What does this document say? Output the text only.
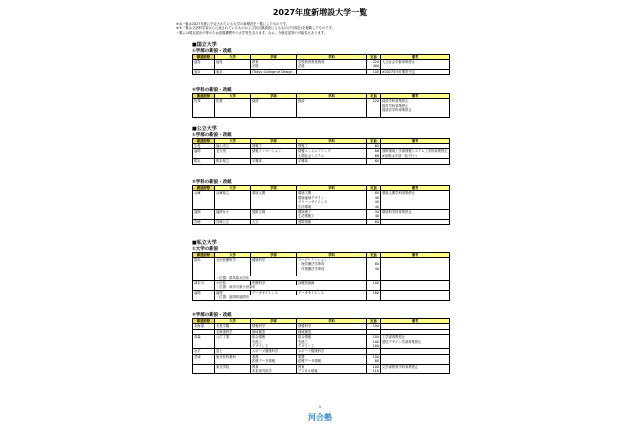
2027年度新増設大学一覧
※本一覧は2027年度に予定されている大学の新増設を一覧にしたものです。
※本一覧は文部科学省から公表されているものおよび河合塾調査によるもの(7月現在)を掲載したものです。
一覧には現在届出中等のため設置構想中の大学等を含みます。なお、今後変更等の可能性もあります。
■国立大学
①学部の新設・改組
都道府県	大学	学部	学科	定員	備考
福島	福島	教育	学校教育教員養成	220	人文社会学群募集停止
		法経	法経	400	
東京	東京	(Tokyo College of Design		100	※2027年9月開設予定
②学科の新設・改組
都道府県	大学	学部	学科	定員	備考
佐賀	佐賀	経済	経済	220	経済学科募集停止
					経営学科募集停止
					経済法学科募集停止

■公立大学
①学部の新設・改組
都道府県	大学	学部	学科	定員	備考
広島	福山市立	情報工	情報工	60	
福岡	北九州	情報イノベーション	情報エンジニアリング	68	国際環境工学部情報システム工学科募集停止
			人間社会システム	68	※募集は学部一括で行う
熊本	熊本県立	半導体	半導体	60	
②学科の新設・改組
都道府県	大学	学部	学科	定員	備考
兵庫	兵庫県立	環境人間	環境人間	80	環境人間学科募集停止
			環境地域デザイン	40	
			グリーンサイエンス	40	
			生活環境	40	
福岡	福岡女子	国際文理	環境理工	30	環境科学科募集停止
			生活情報工	40	
宮崎	宮崎公立	人文	国際情報	60	
■私立大学
①大学の新設
都道府県	大学	学部	学科	定員	備考
群馬	太田医療科学	健康科学	リハビリテーション		
			　理学療法学専攻	80	
			　作業療法学専攻	40	

	・位置：群馬県太田市				
神奈川	小田原	医療科学	診療放射線	100	
	・位置：神奈川県小田原市				
福岡	福岡	データサイエンス	データサイエンス	160	
	・位置：福岡県福岡市				
②学部の新設・改組
都道府県	大学	学部	学科	定員	備考
北海道	北星学園	情報科学	情報科学	100	
	北海道科学	地域創造	地域創造		
青森	八戸工業	総合情報	総合情報	100	工学部募集停止
		先進工	先進工	100	感性デザイン学部募集停止
		デザイン工	デザイン工	100	
岩手	富士	スポーツ健康科学	スポーツ健康科学		
宮城	東北医科薬科	看護	看護	100	
		医療データ情報	医療データ情報	80	
	東北学院	教育	教育	100	文学部教育学科募集停止
		未来探究科学	デジタル情報	110	
1
河合塾
